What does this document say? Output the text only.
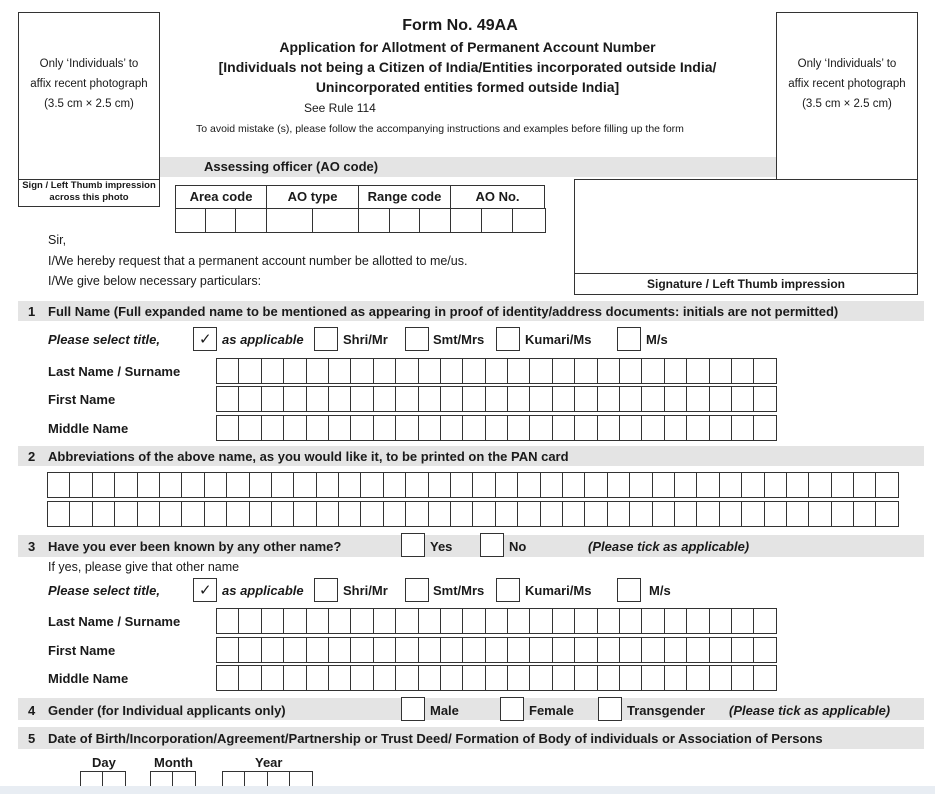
Form No. 49AA
Application for Allotment of Permanent Account Number
[Individuals not being a Citizen of India/Entities incorporated outside India/
Unincorporated entities formed outside India]
See Rule 114
To avoid mistake (s), please follow the accompanying instructions and examples before filling up the form
Only ‘Individuals’ to
affix recent photograph
(3.5 cm × 2.5 cm)
Sign / Left Thumb impression
across this photo
Only ‘Individuals’ to
affix recent photograph
(3.5 cm × 2.5 cm)
Assessing officer (AO code)
Area code	AO type	Range code	AO No.
Sir,
I/We hereby request that a permanent account number be allotted to me/us.
I/We give below necessary particulars:	Signature / Left Thumb impression
1 Full Name (Full expanded name to be mentioned as appearing in proof of identity/address documents: initials are not permitted)
Please select title, ✓	as applicable	Shri/Mr	Smt/Mrs	Kumari/Ms	M/s
Last Name / Surname
First Name
Middle Name
2 Abbreviations of the above name, as you would like it, to be printed on the PAN card
3 Have you ever been known by any other name?	Yes	No	(Please tick as applicable)
If yes, please give that other name
Please select title, ✓	as applicable	Shri/Mr	Smt/Mrs	Kumari/Ms	M/s
Last Name / Surname
First Name
Middle Name
4 Gender (for Individual applicants only)	Male	Female	Transgender (Please tick as applicable)
5 Date of Birth/Incorporation/Agreement/Partnership or Trust Deed/ Formation of Body of individuals or Association of Persons
Day	Month	Year
